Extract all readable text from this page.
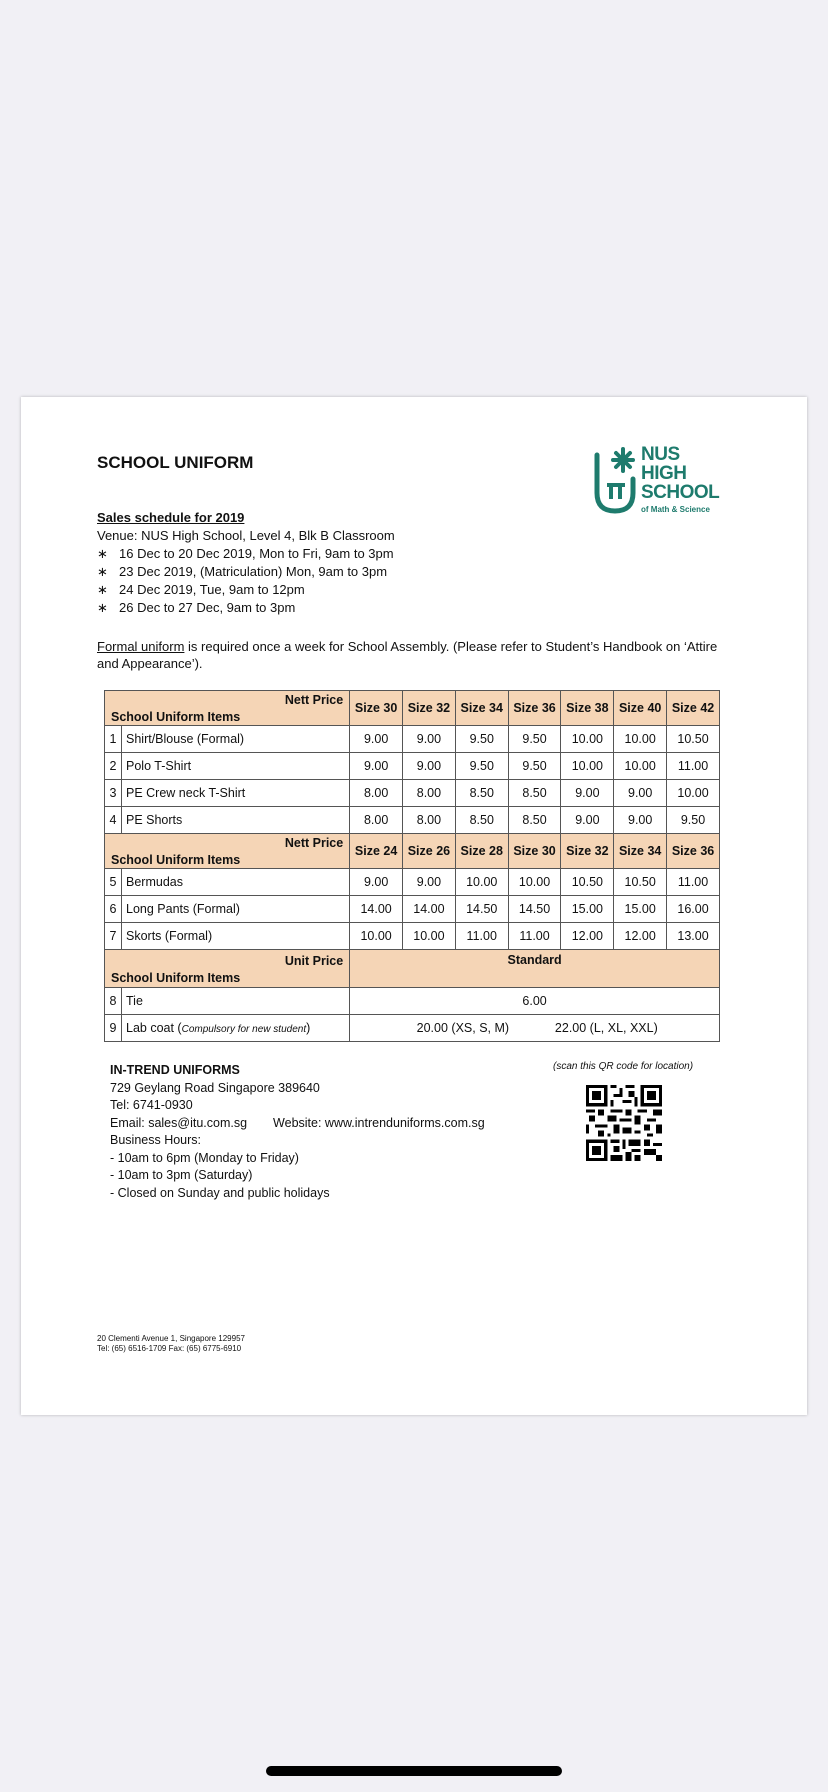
SCHOOL UNIFORM	NUS
HIGH
SCHOOL
of Math & Science
Sales schedule for 2019
Venue: NUS High School, Level 4, Blk B Classroom
∗ 16 Dec to 20 Dec 2019, Mon to Fri, 9am to 3pm
∗ 23 Dec 2019, (Matriculation) Mon, 9am to 3pm
∗ 24 Dec 2019, Tue, 9am to 12pm
∗ 26 Dec to 27 Dec, 9am to 3pm
Formal uniform is required once a week for School Assembly. (Please refer to Student’s Handbook on ‘Attire and Appearance’).
Nett Price
School Uniform Items		Size 30	Size 32	Size 34	Size 36	Size 38	Size 40	Size 42
1	Shirt/Blouse (Formal)	9.00	9.00	9.50	9.50	10.00	10.00	10.50
2	Polo T-Shirt	9.00	9.00	9.50	9.50	10.00	10.00	11.00
3	PE Crew neck T-Shirt	8.00	8.00	8.50	8.50	9.00	9.00	10.00
4	PE Shorts	8.00	8.00	8.50	8.50	9.00	9.00	9.50

Nett Price
School Uniform Items		Size 24	Size 26	Size 28	Size 30	Size 32	Size 34	Size 36
5	Bermudas	9.00	9.00	10.00	10.00	10.50	10.50	11.00
6	Long Pants (Formal)	14.00	14.00	14.50	14.50	15.00	15.00	16.00
7	Skorts (Formal)	10.00	10.00	11.00	11.00	12.00	12.00	13.00

Unit Price
School Uniform Items		Standard						
8	Tie	6.00						
9	Lab coat (Compulsory for new student)	20.00 (XS, S, M) 22.00 (L, XL, XXL)						
IN-TREND UNIFORMS
729 Geylang Road Singapore 389640
Tel: 6741-0930
Email: sales@itu.com.sg Website: www.intrenduniforms.com.sg
Business Hours:
- 10am to 6pm (Monday to Friday)
- 10am to 3pm (Saturday)
- Closed on Sunday and public holidays
(scan this QR code for location)
20 Clementi Avenue 1, Singapore 129957
Tel: (65) 6516-1709 Fax: (65) 6775-6910
